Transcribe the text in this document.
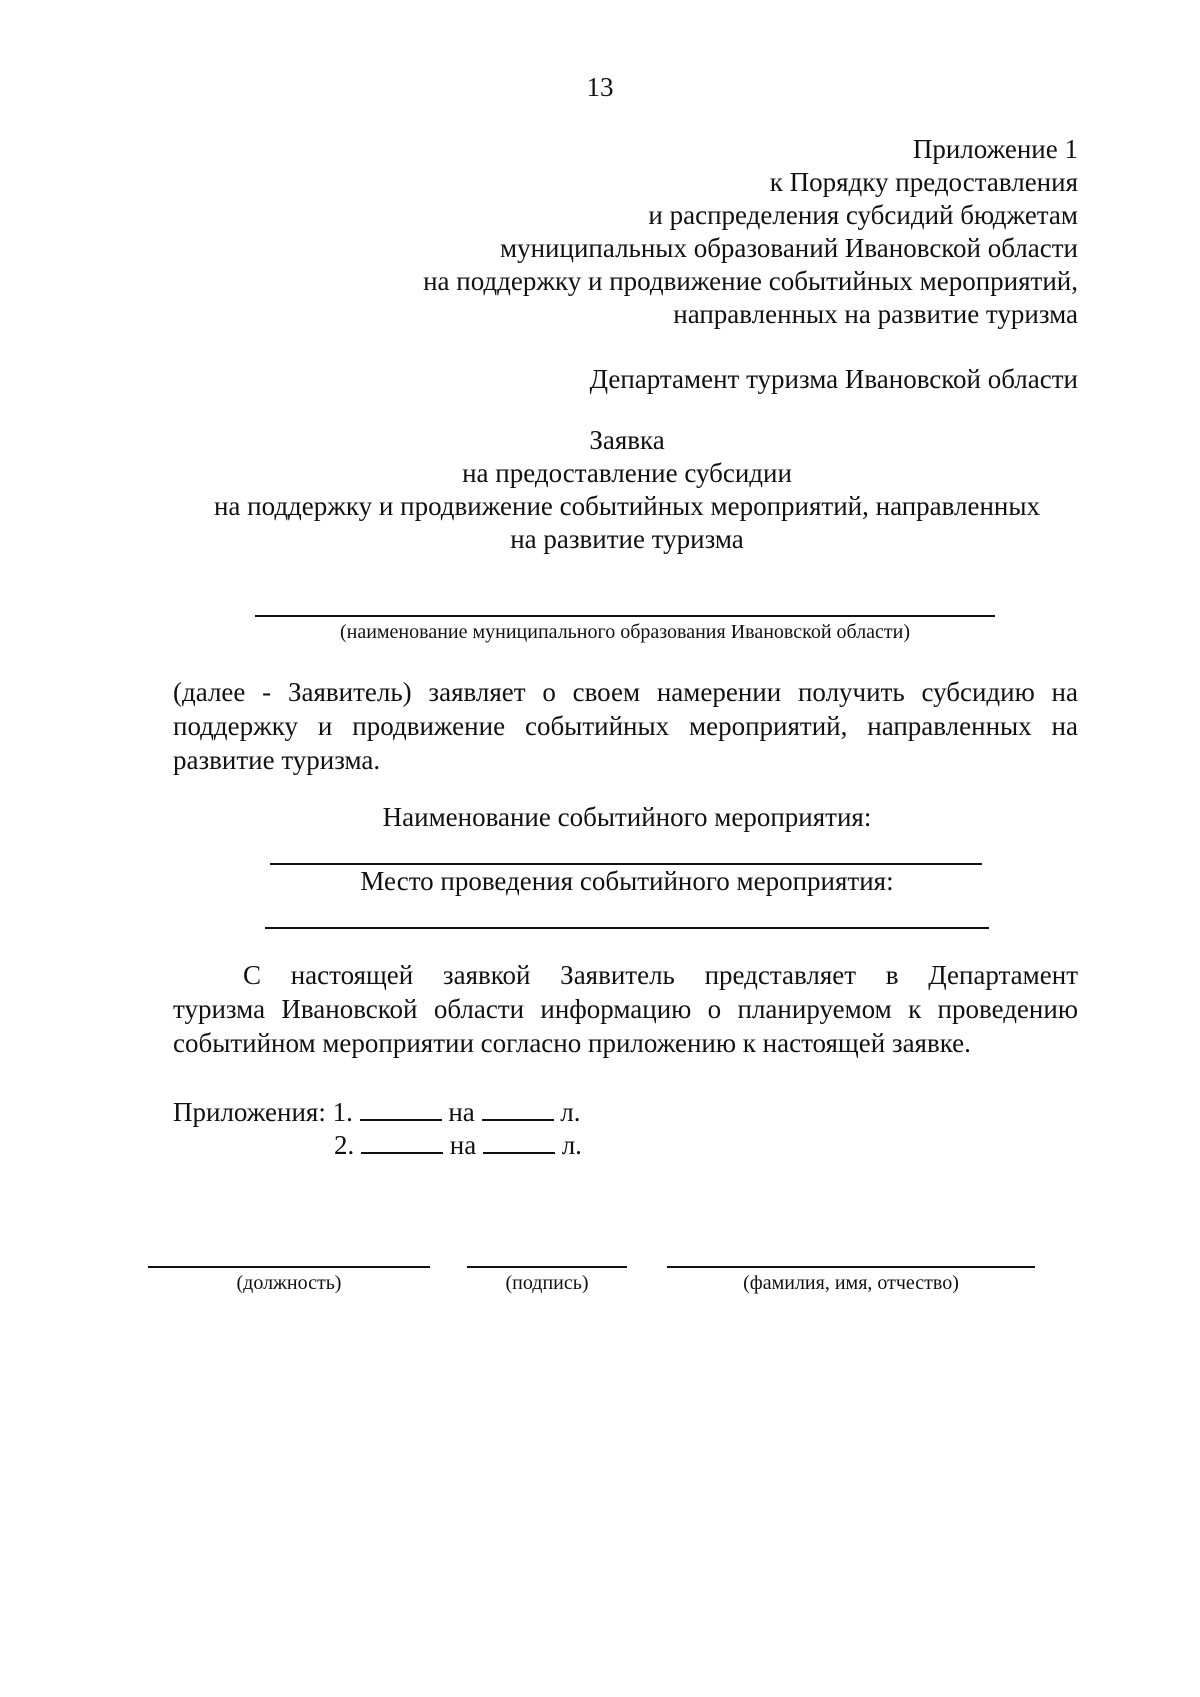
13
Приложение 1
к Порядку предоставления
и распределения субсидий бюджетам
муниципальных образований Ивановской области
на поддержку и продвижение событийных мероприятий,
направленных на развитие туризма
Департамент туризма Ивановской области
Заявка
на предоставление субсидии
на поддержку и продвижение событийных мероприятий, направленных
на развитие туризма
(наименование муниципального образования Ивановской области)
(далее - Заявитель) заявляет о своем намерении получить субсидию на
поддержку и продвижение событийных мероприятий, направленных на
развитие туризма.
Наименование событийного мероприятия:
Место проведения событийного мероприятия:
С настоящей заявкой Заявитель представляет в Департамент
туризма Ивановской области информацию о планируемом к проведению
событийном мероприятии согласно приложению к настоящей заявке.
Приложения: 1.	на	л.
2.	на	л.
(должность)	(подпись)	(фамилия, имя, отчество)
